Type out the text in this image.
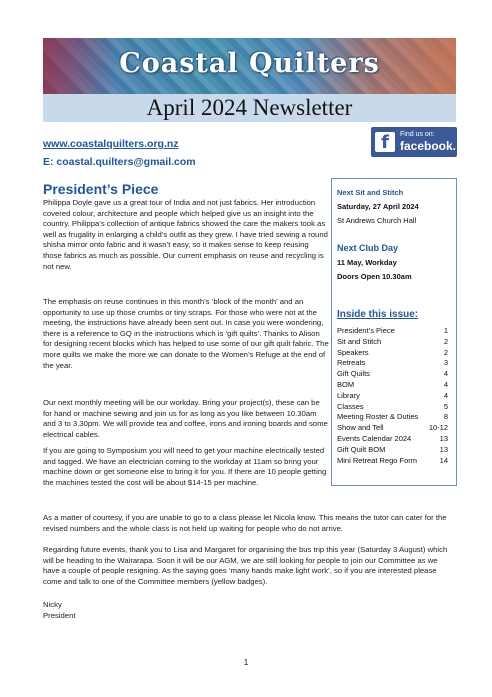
Coastal Quilters
April 2024 Newsletter
www.coastalquilters.org.nz
E: coastal.quilters@gmail.com
f	Find us on:
facebook.
President’s Piece
Philippa Doyle gave us a great tour of India and not just fabrics. Her introduction covered colour, architecture and people which helped give us an insight into the country. Philippa’s collection of antique fabrics showed the care the makers took as well as frugality in enlarging a child’s outfit as they grew. I have tried sewing a round shisha mirror onto fabric and it wasn’t easy, so it makes sense to keep reusing those fabrics as much as possible. Our current emphasis on reuse and recycling is not new.
The emphasis on reuse continues in this month’s ‘block of the month’ and an opportunity to use up those crumbs or tiny scraps. For those who were not at the meeting, the instructions have already been sent out. In case you were wondering, there is a reference to GQ in the instructions which is ‘gift quilts’. Thanks to Alison for designing recent blocks which has helped to use some of our gift quilt fabric. The more quilts we make the more we can donate to the Women’s Refuge at the end of the year.
Our next monthly meeting will be our workday. Bring your project(s), these can be for hand or machine sewing and join us for as long as you like between 10.30am and 3 to 3.30pm. We will provide tea and coffee, irons and ironing boards and some electrical cables.
If you are going to Symposium you will need to get your machine electrically tested and tagged. We have an electrician coming to the workday at 11am so bring your machine down or get someone else to bring it for you. If there are 10 people getting the machines tested the cost will be about $14-15 per machine.
As a matter of courtesy, if you are unable to go to a class please let Nicola know. This means the tutor can cater for the revised numbers and the whole class is not held up waiting for people who do not arrive.
Regarding future events, thank you to Lisa and Margaret for organising the bus trip this year (Saturday 3 August) which will be heading to the Wairarapa. Soon it will be our AGM, we are still looking for people to join our Committee as we have a couple of people resigning. As the saying goes ‘many hands make light work’, so if you are interested please come and talk to one of the Committee members (yellow badges).
Nicky
President
Next Sit and Stitch
Saturday, 27 April 2024
St Andrews Church Hall
Next Club Day
11 May, Workday
Doors Open 10.30am
Inside this issue:
President’s Piece	1
Sit and Stitch	2
Speakers	2
Retreats	3
Gift Quilts	4
BOM	4
Library	4
Classes	5
Meeting Roster & Duties	8
Show and Tell	10-12
Events Calendar 2024	13
Gift Quilt BOM	13
Mini Retreat Rego Form	14
1
